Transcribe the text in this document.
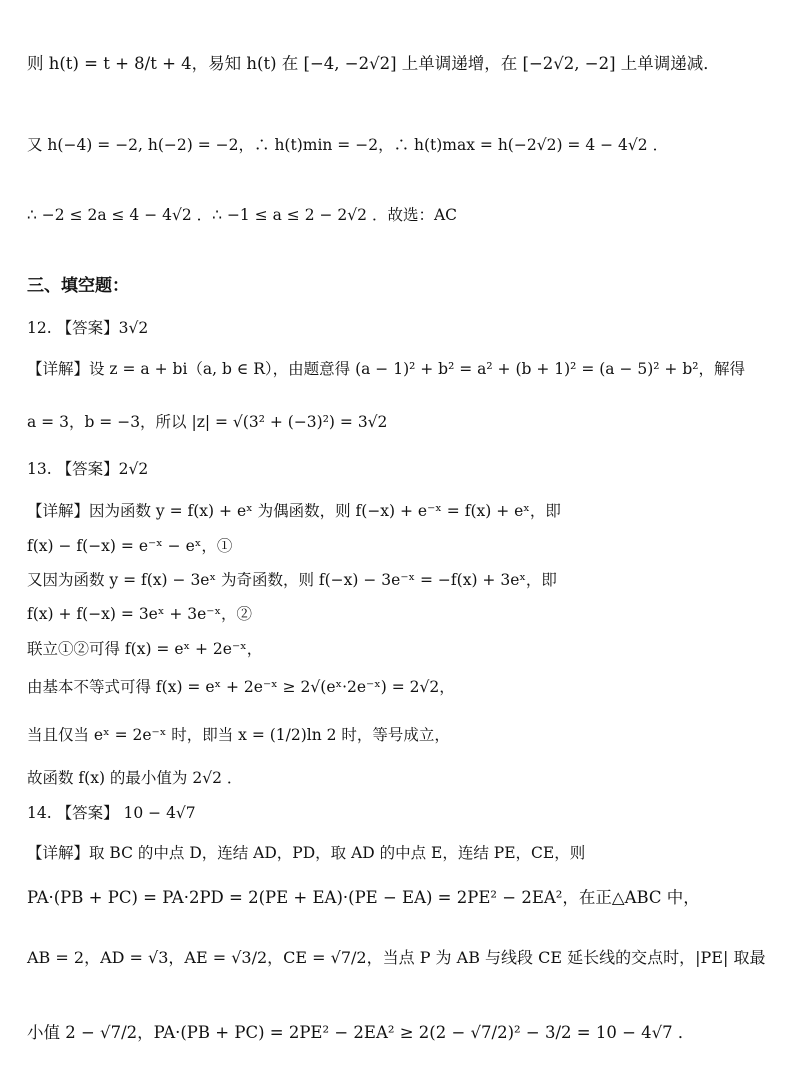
则 h(t) = t + 8/t + 4，易知 h(t) 在 [−4, −2√2] 上单调递增，在 [−2√2, −2] 上单调递减．
又 h(−4) = −2, h(−2) = −2，∴ h(t)min = −2，∴ h(t)max = h(−2√2) = 4 − 4√2 ．
∴ −2 ≤ 2a ≤ 4 − 4√2 ．∴ −1 ≤ a ≤ 2 − 2√2 ．故选：AC
三、填空题：
12. 【答案】3√2
【详解】设 z = a + bi（a, b ∈ R），由题意得 (a − 1)² + b² = a² + (b + 1)² = (a − 5)² + b²，解得
a = 3，b = −3，所以 |z| = √(3² + (−3)²) = 3√2
13. 【答案】2√2
【详解】因为函数 y = f(x) + eˣ 为偶函数，则 f(−x) + e⁻ˣ = f(x) + eˣ，即
f(x) − f(−x) = e⁻ˣ − eˣ，①
又因为函数 y = f(x) − 3eˣ 为奇函数，则 f(−x) − 3e⁻ˣ = −f(x) + 3eˣ，即
f(x) + f(−x) = 3eˣ + 3e⁻ˣ，②
联立①②可得 f(x) = eˣ + 2e⁻ˣ，
由基本不等式可得 f(x) = eˣ + 2e⁻ˣ ≥ 2√(eˣ·2e⁻ˣ) = 2√2，
当且仅当 eˣ = 2e⁻ˣ 时，即当 x = (1/2)ln 2 时，等号成立，
故函数 f(x) 的最小值为 2√2 ．
14. 【答案】 10 − 4√7
【详解】取 BC 的中点 D，连结 AD，PD，取 AD 的中点 E，连结 PE，CE，则
PA·(PB + PC) = PA·2PD = 2(PE + EA)·(PE − EA) = 2PE² − 2EA²，在正△ABC 中，
AB = 2，AD = √3，AE = √3/2，CE = √7/2，当点 P 为 AB 与线段 CE 延长线的交点时，|PE| 取最
小值 2 − √7/2，PA·(PB + PC) = 2PE² − 2EA² ≥ 2(2 − √7/2)² − 3/2 = 10 − 4√7 ．
